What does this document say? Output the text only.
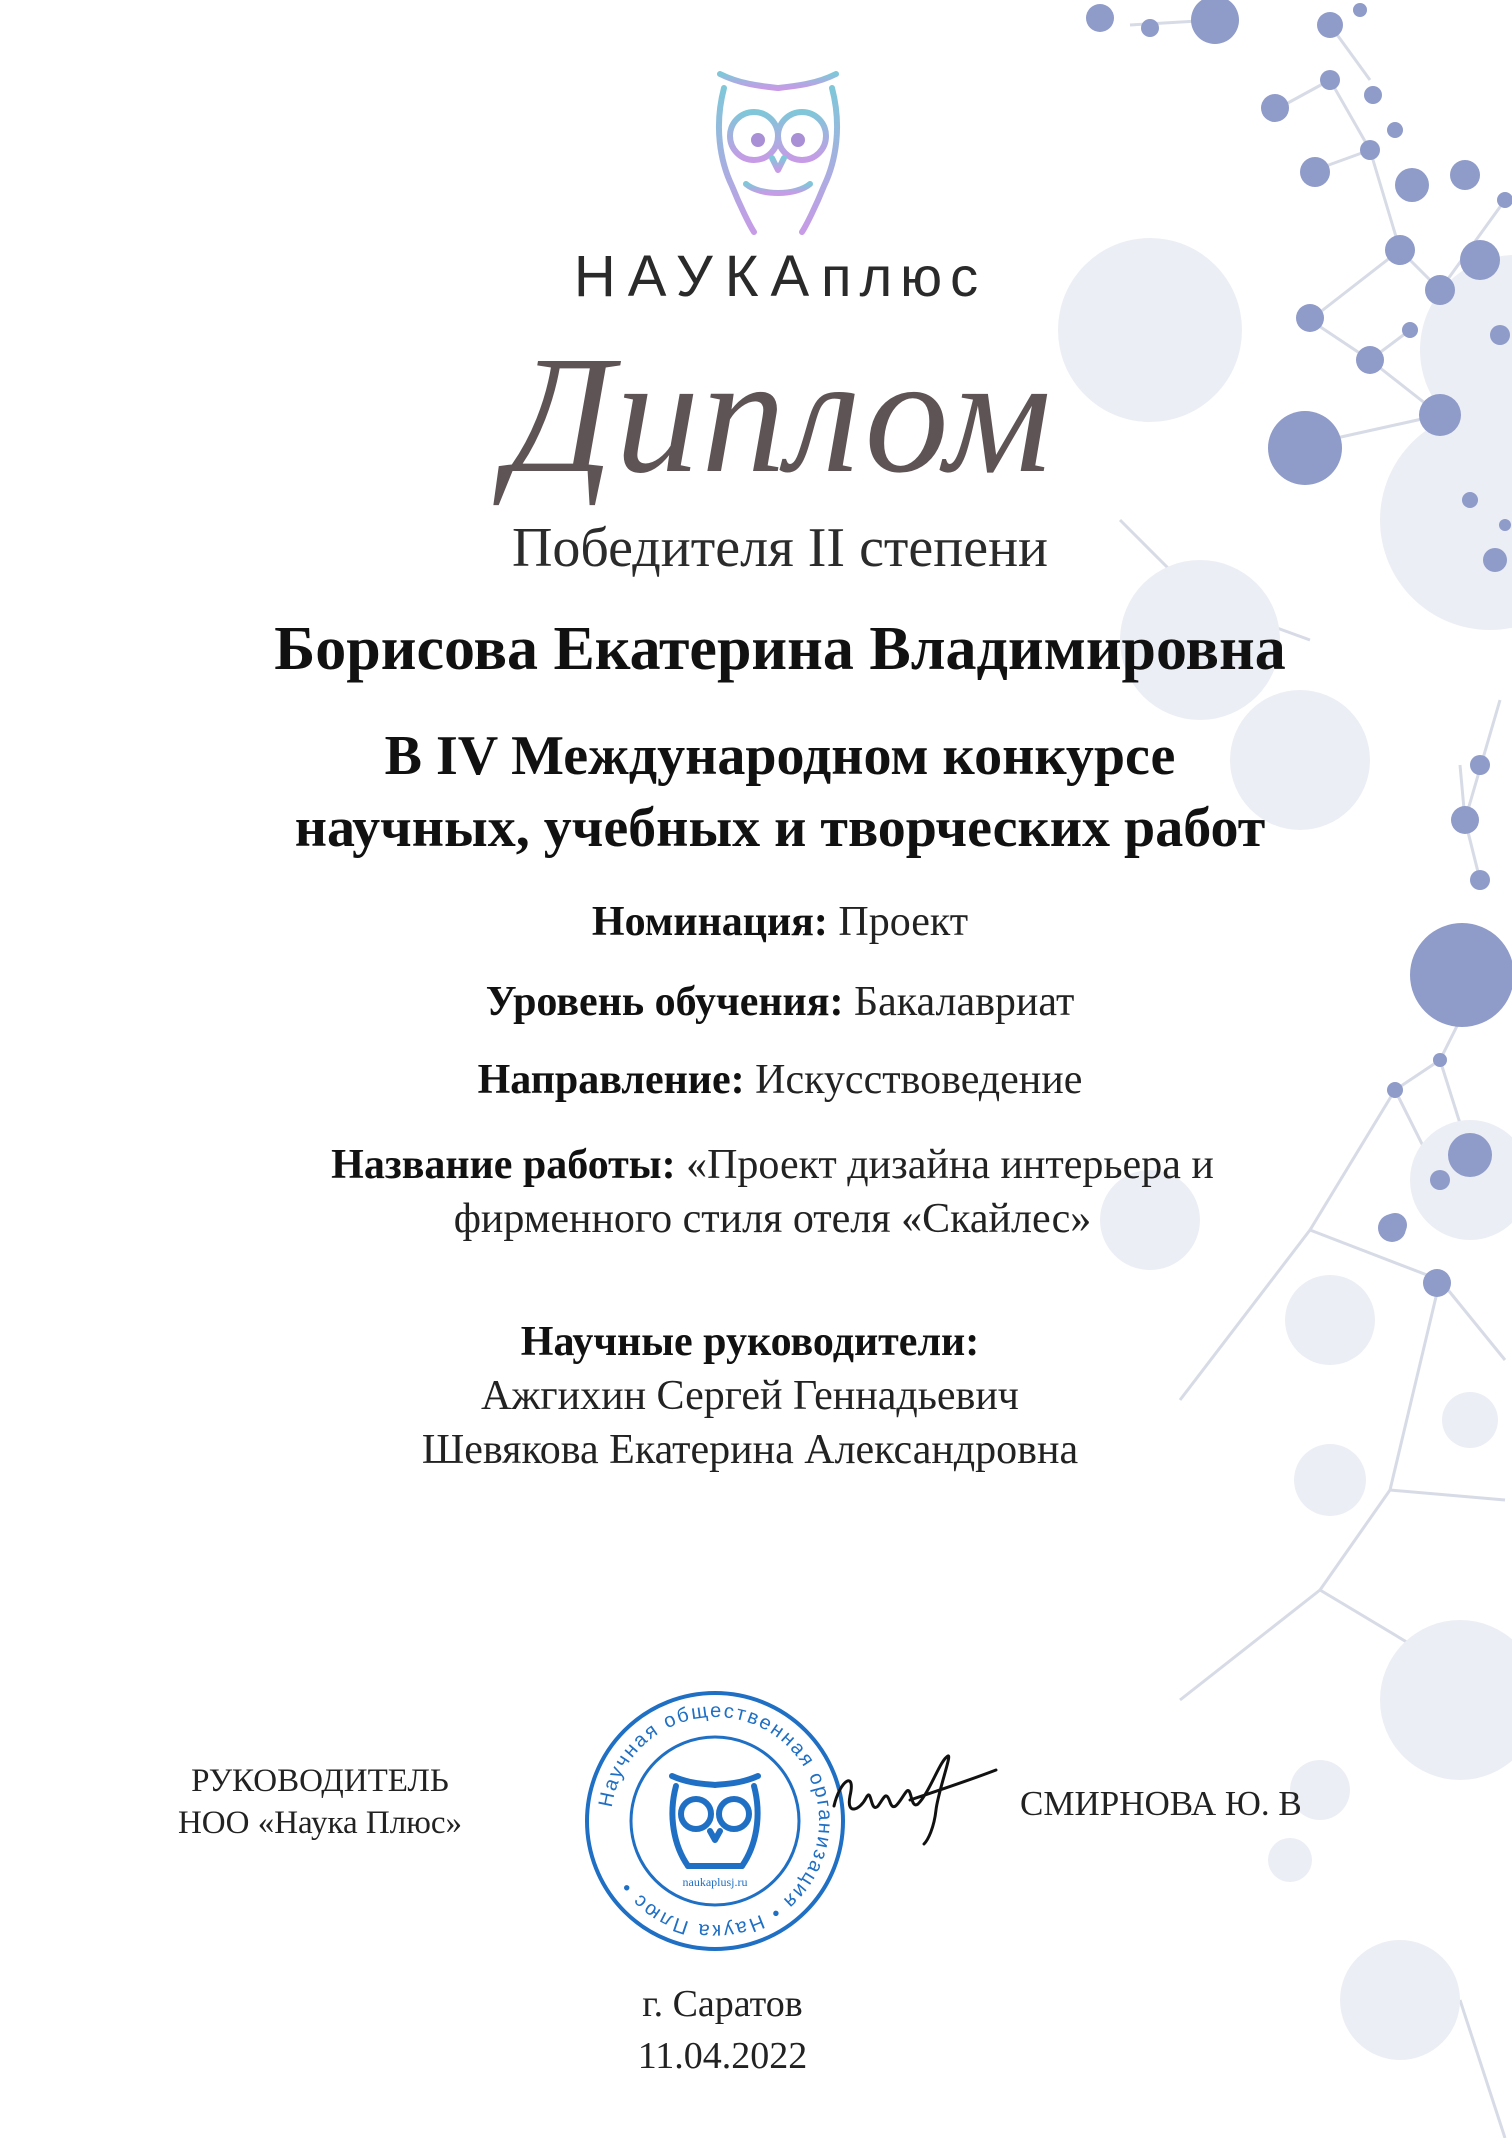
НАУКАплюс
Диплом
Победителя II степени
Борисова Екатерина Владимировна
В IV Международном конкурсе
научных, учебных и творческих работ
Номинация: Проект
Уровень обучения: Бакалавриат
Направление: Искусствоведение
Название работы: «Проект дизайна интерьера и
фирменного стиля отеля «Скайлес»
Научные руководители:
Ажгихин Сергей Геннадьевич
Шевякова Екатерина Александровна
РУКОВОДИТЕЛЬ
НОО «Наука Плюс»
Научная общественная организация • Наука Плюс •	naukaplusj.ru
СМИРНОВА Ю. В
г. Саратов
11.04.2022
